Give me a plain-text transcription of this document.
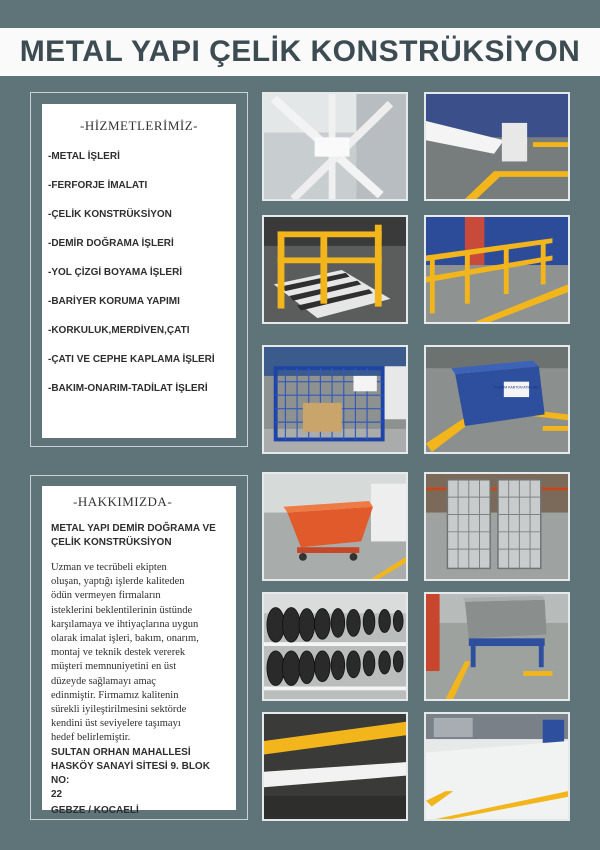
METAL YAPI ÇELİK KONSTRÜKSİYON
-HİZMETLERİMİZ-
-METAL İŞLERİ
-FERFORJE İMALATI
-ÇELİK KONSTRÜKSİYON
-DEMİR DOĞRAMA İŞLERİ
-YOL ÇİZGİ BOYAMA İŞLERİ
-BARİYER KORUMA YAPIMI
-KORKULUK,MERDİVEN,ÇATI
-ÇATI VE CEPHE KAPLAMA İŞLERİ
-BAKIM-ONARIM-TADİLAT İŞLERİ
-HAKKIMIZDA-

METAL YAPI DEMİR DOĞRAMA VE

ÇELİK KONSTRÜKSİYON

Uzman ve tecrübeli ekipten

oluşan, yaptığı işlerde kaliteden

ödün vermeyen firmaların

isteklerini beklentilerinin üstünde

karşılamaya ve ihtiyaçlarına uygun

olarak imalat işleri, bakım, onarım,

montaj ve teknik destek vererek

müşteri memnuniyetini en üst

düzeyde sağlamayı amaç

edinmiştir. Firmamız kalitenin

sürekli iyileştirilmesini sektörde

kendini üst seviyelere taşımayı

hedef belirlemiştir.

SULTAN ORHAN MAHALLESİ

HASKÖY SANAYİ SİTESİ 9. BLOK NO:

22

GEBZE / KOCAELİ

KURUM KARTON ATIKLARI
